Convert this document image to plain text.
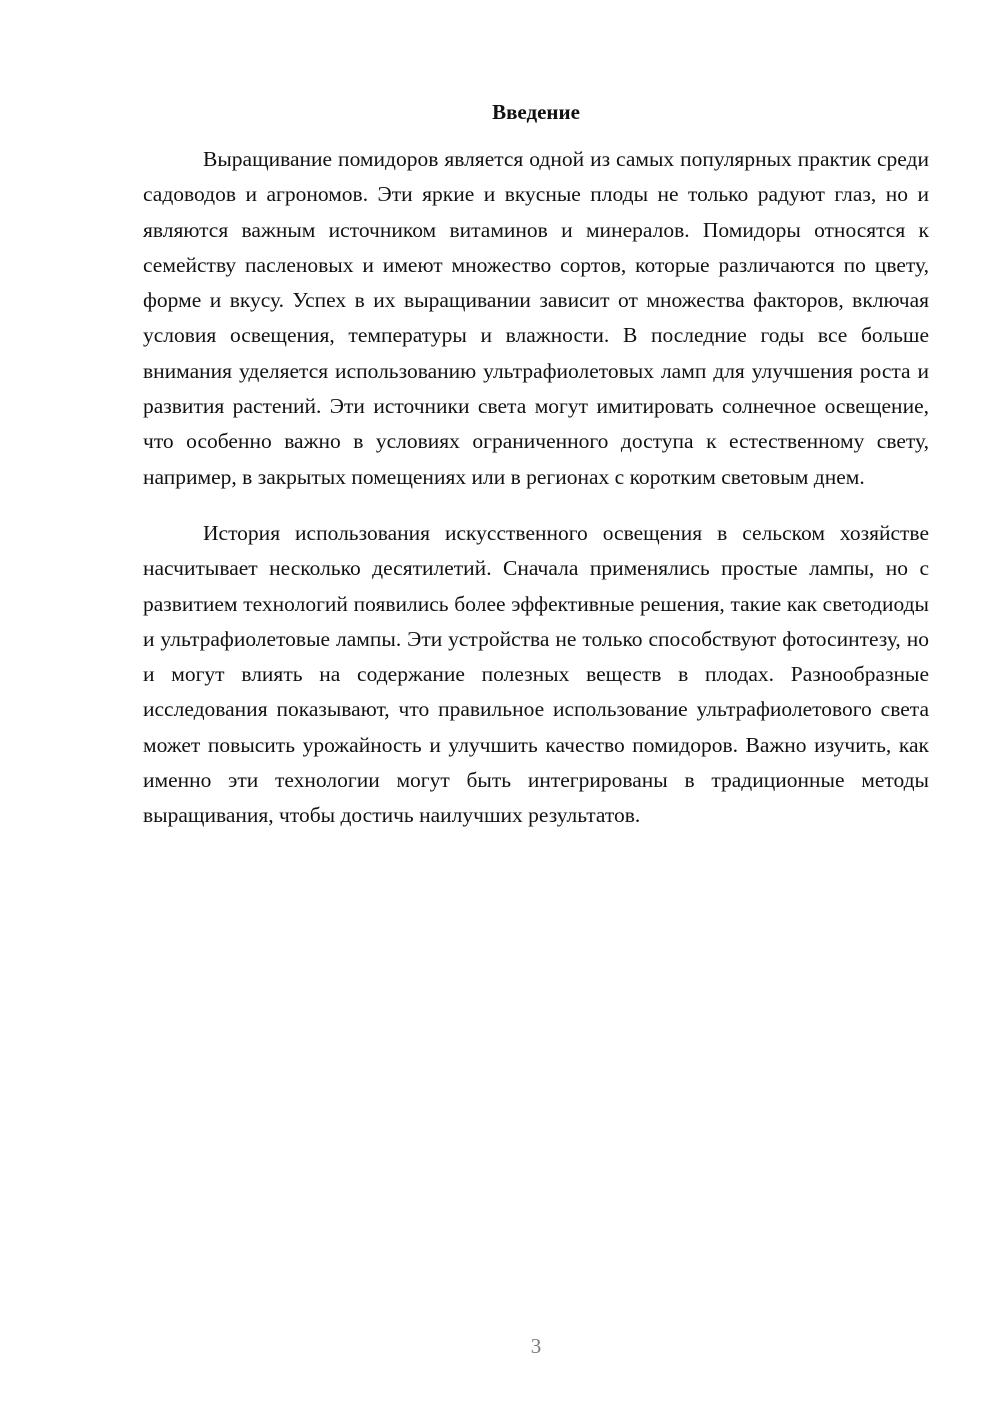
Введение

Выращивание помидоров является одной из самых популярных практик среди садоводов и агрономов. Эти яркие и вкусные плоды не только радуют глаз, но и являются важным источником витаминов и минералов. Помидоры относятся к семейству пасленовых и имеют множество сортов, которые различаются по цвету, форме и вкусу. Успех в их выращивании зависит от множества факторов, включая условия освещения, температуры и влажности. В последние годы все больше внимания уделяется использованию ультрафиолетовых ламп для улучшения роста и развития растений. Эти источники света могут имитировать солнечное освещение, что особенно важно в условиях ограниченного доступа к естественному свету, например, в закрытых помещениях или в регионах с коротким световым днем.

История использования искусственного освещения в сельском хозяйстве насчитывает несколько десятилетий. Сначала применялись простые лампы, но с развитием технологий появились более эффективные решения, такие как светодиоды и ультрафиолетовые лампы. Эти устройства не только способствуют фотосинтезу, но и могут влиять на содержание полезных веществ в плодах. Разнообразные исследования показывают, что правильное использование ультрафиолетового света может повысить урожайность и улучшить качество помидоров. Важно изучить, как именно эти технологии могут быть интегрированы в традиционные методы выращивания, чтобы достичь наилучших результатов.

3
